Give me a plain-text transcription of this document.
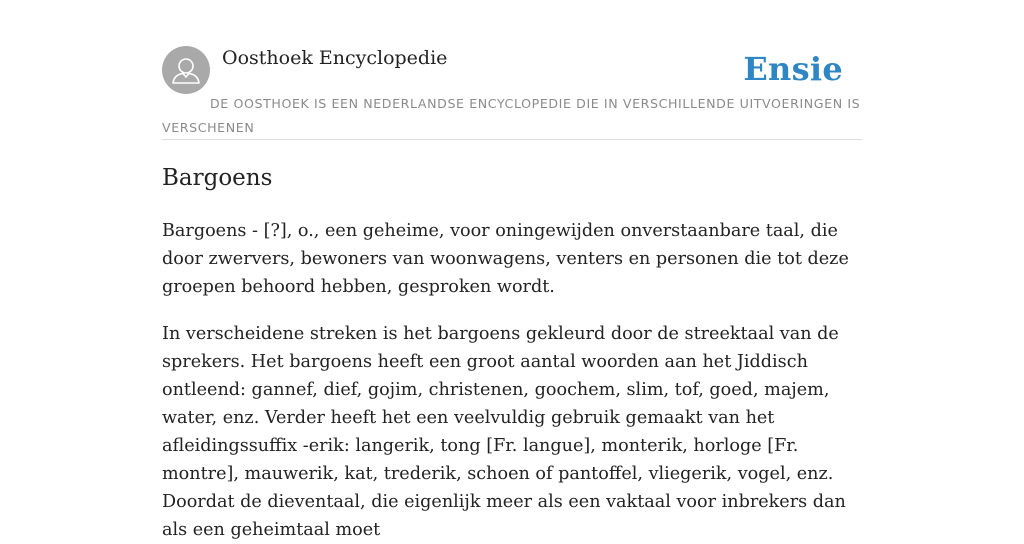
Oosthoek Encyclopedie	Ensie
DE OOSTHOEK IS EEN NEDERLANDSE ENCYCLOPEDIE DIE IN VERSCHILLENDE UITVOERINGEN IS VERSCHENEN
Bargoens

Bargoens - [?], o., een geheime, voor oningewijden onverstaanbare taal, die door zwervers, bewoners van woonwagens, venters en personen die tot deze groepen behoord hebben, gesproken wordt.

In verscheidene streken is het bargoens gekleurd door de streektaal van de sprekers. Het bargoens heeft een groot aantal woorden aan het Jiddisch ontleend: gannef, dief, gojim, christenen, goochem, slim, tof, goed, majem, water, enz. Verder heeft het een veelvuldig gebruik gemaakt van het afleidingssuffix -erik: langerik, tong [Fr. langue], monterik, horloge [Fr. montre], mauwerik, kat, trederik, schoen of pantoffel, vliegerik, vogel, enz. Doordat de dieventaal, die eigenlijk meer als een vaktaal voor inbrekers dan als een geheimtaal moet
